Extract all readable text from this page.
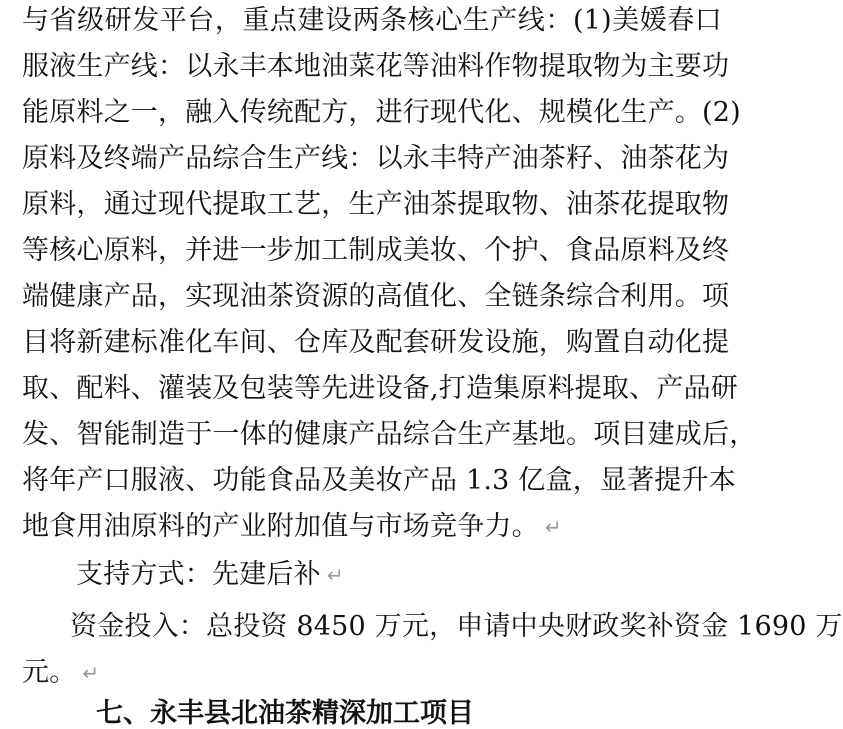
与省级研发平台，重点建设两条核心生产线：(1)美媛春口
服液生产线：以永丰本地油菜花等油料作物提取物为主要功
能原料之一，融入传统配方，进行现代化、规模化生产。(2)
原料及终端产品综合生产线：以永丰特产油茶籽、油茶花为
原料，通过现代提取工艺，生产油茶提取物、油茶花提取物
等核心原料，并进一步加工制成美妆、个护、食品原料及终
端健康产品，实现油茶资源的高值化、全链条综合利用。项
目将新建标准化车间、仓库及配套研发设施，购置自动化提
取、配料、灌装及包装等先进设备,打造集原料提取、产品研
发、智能制造于一体的健康产品综合生产基地。项目建成后，
将年产口服液、功能食品及美妆产品 1.3 亿盒，显著提升本
地食用油原料的产业附加值与市场竞争力。 ↵
支持方式：先建后补 ↵
资金投入：总投资 8450 万元，申请中央财政奖补资金 1690 万
元。 ↵
七、永丰县北油茶精深加工项目
